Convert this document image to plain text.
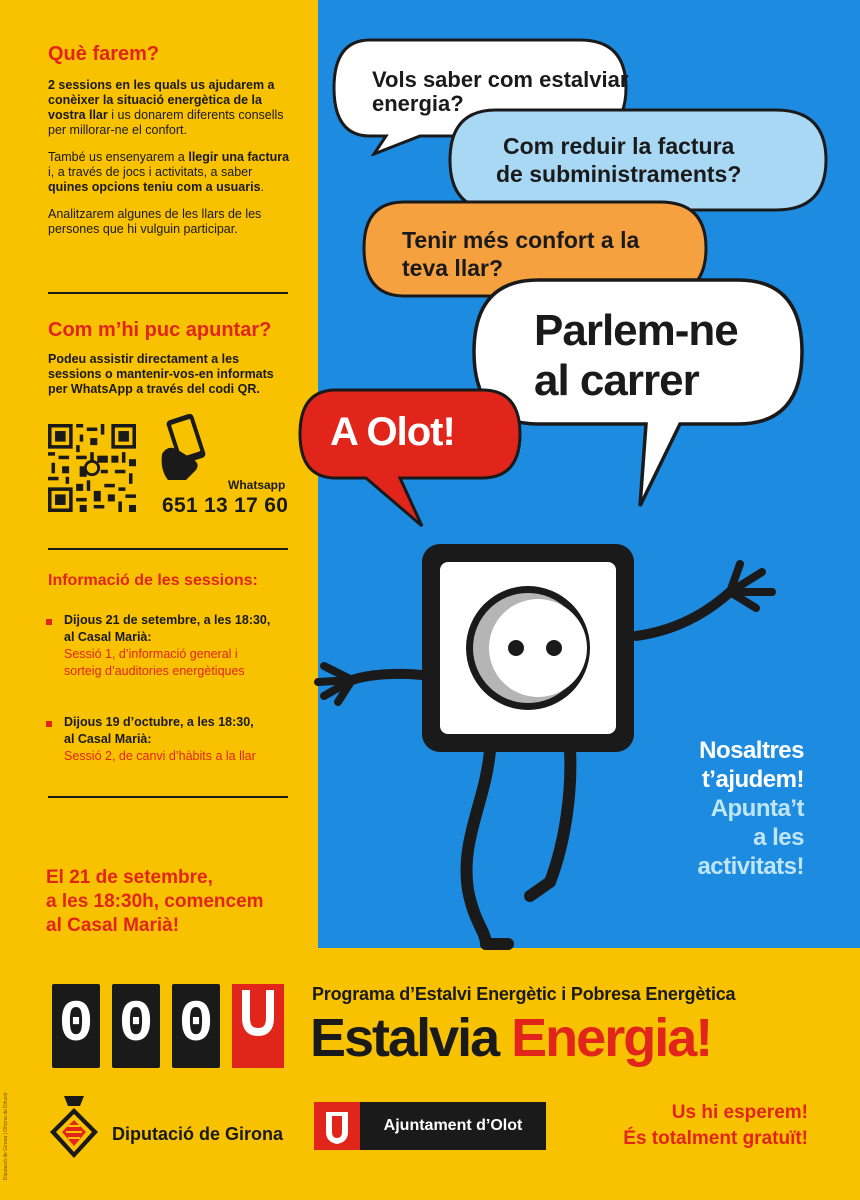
Què farem?
2 sessions en les quals us ajudarem a conèixer la situació energètica de la vostra llar i us donarem diferents consells per millorar-ne el confort.
També us ensenyarem a llegir una factura i, a través de jocs i activitats, a saber quines opcions teniu com a usuaris.
Analitzarem algunes de les llars de les persones que hi vulguin participar.
Com m’hi puc apuntar?
Podeu assistir directament a les sessions o mantenir-vos-en informats per WhatsApp a través del codi QR.
Whatsapp
651 13 17 60
Informació de les sessions:
Dijous 21 de setembre, a les 18:30,
al Casal Marià:
Sessió 1, d’informació general i
sorteig d’auditories energètiques
Dijous 19 d’octubre, a les 18:30,
al Casal Marià:
Sessió 2, de canvi d’hàbits a la llar
El 21 de setembre,
a les 18:30h, comencem
al Casal Marià!
Vols saber com estalviar
energia?
Com reduir la factura
de subministraments?
Tenir més confort a la
teva llar?
Parlem-ne
al carrer
A Olot!
Nosaltres
t’ajudem!
Apunta’t
a les
activitats!
0 0 0	Programa d’Estalvi Energètic i Pobresa Energètica
Estalvia Energia!
Diputació de Girona	Ajuntament d’Olot
Us hi esperem!
És totalment gratuït!
Diputació de Girona | Oficina de Difusió
